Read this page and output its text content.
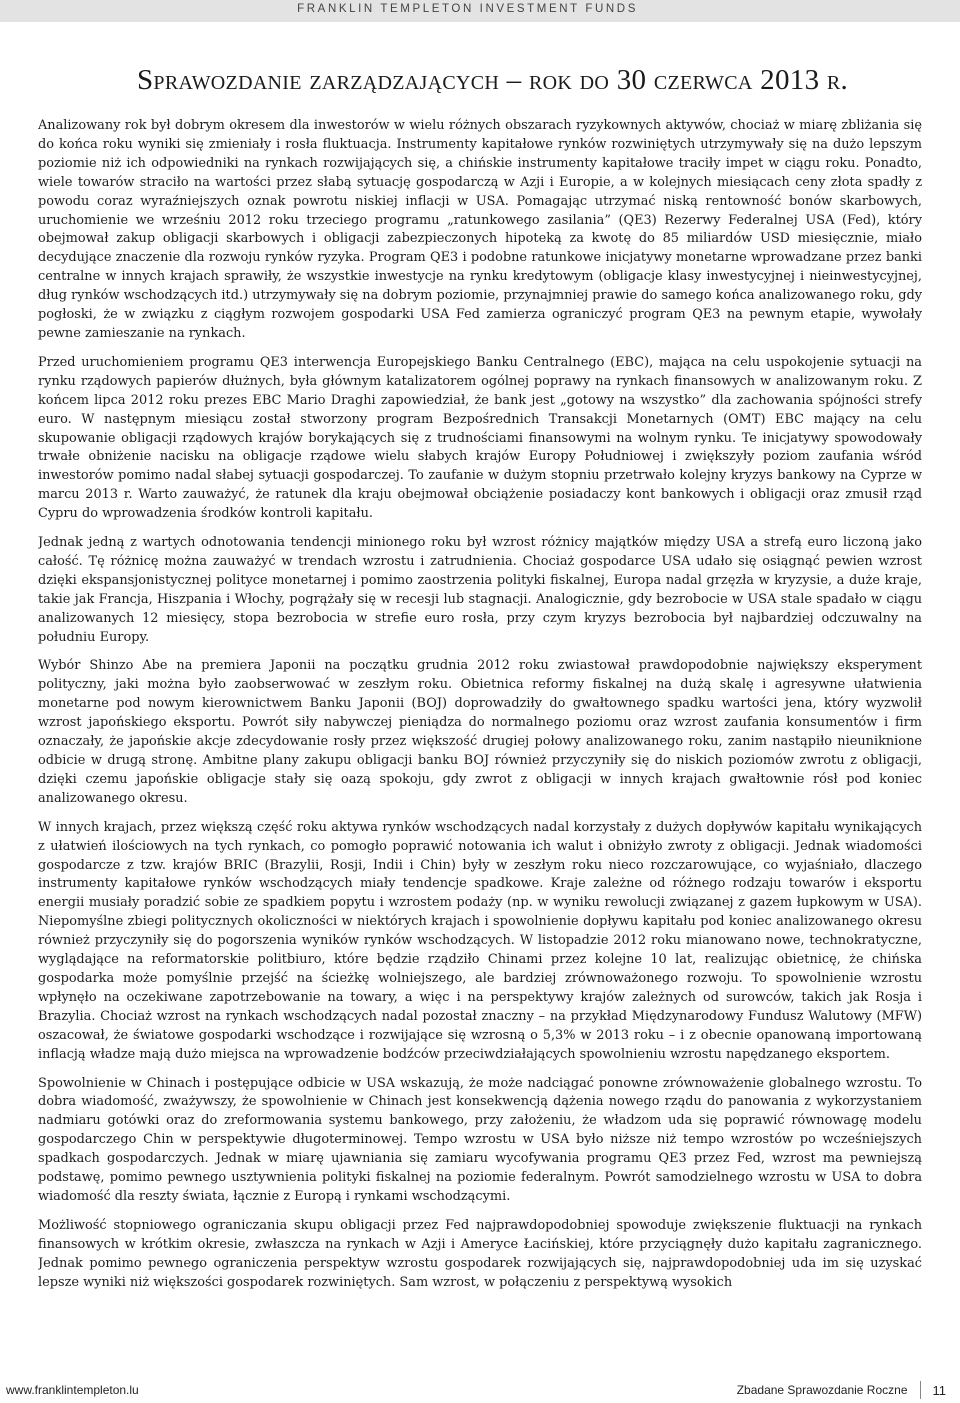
FRANKLIN TEMPLETON INVESTMENT FUNDS
Sprawozdanie zarządzających – rok do 30 czerwca 2013 r.

Analizowany rok był dobrym okresem dla inwestorów w wielu różnych obszarach ryzykownych aktywów, chociaż w miarę zbliżania się do końca roku wyniki się zmieniały i rosła fluktuacja. Instrumenty kapitałowe rynków rozwiniętych utrzymywały się na dużo lepszym poziomie niż ich odpowiedniki na rynkach rozwijających się, a chińskie instrumenty kapitałowe traciły impet w ciągu roku. Ponadto, wiele towarów straciło na wartości przez słabą sytuację gospodarczą w Azji i Europie, a w kolejnych miesiącach ceny złota spadły z powodu coraz wyraźniejszych oznak powrotu niskiej inflacji w USA. Pomagając utrzymać niską rentowność bonów skarbowych, uruchomienie we wrześniu 2012 roku trzeciego programu „ratunkowego zasilania” (QE3) Rezerwy Federalnej USA (Fed), który obejmował zakup obligacji skarbowych i obligacji zabezpieczonych hipoteką za kwotę do 85 miliardów USD miesięcznie, miało decydujące znaczenie dla rozwoju rynków ryzyka. Program QE3 i podobne ratunkowe inicjatywy monetarne wprowadzane przez banki centralne w innych krajach sprawiły, że wszystkie inwestycje na rynku kredytowym (obligacje klasy inwestycyjnej i nieinwestycyjnej, dług rynków wschodzących itd.) utrzymywały się na dobrym poziomie, przynajmniej prawie do samego końca analizowanego roku, gdy pogłoski, że w związku z ciągłym rozwojem gospodarki USA Fed zamierza ograniczyć program QE3 na pewnym etapie, wywołały pewne zamieszanie na rynkach.

Przed uruchomieniem programu QE3 interwencja Europejskiego Banku Centralnego (EBC), mająca na celu uspokojenie sytuacji na rynku rządowych papierów dłużnych, była głównym katalizatorem ogólnej poprawy na rynkach finansowych w analizowanym roku. Z końcem lipca 2012 roku prezes EBC Mario Draghi zapowiedział, że bank jest „gotowy na wszystko” dla zachowania spójności strefy euro. W następnym miesiącu został stworzony program Bezpośrednich Transakcji Monetarnych (OMT) EBC mający na celu skupowanie obligacji rządowych krajów borykających się z trudnościami finansowymi na wolnym rynku. Te inicjatywy spowodowały trwałe obniżenie nacisku na obligacje rządowe wielu słabych krajów Europy Południowej i zwiększyły poziom zaufania wśród inwestorów pomimo nadal słabej sytuacji gospodarczej. To zaufanie w dużym stopniu przetrwało kolejny kryzys bankowy na Cyprze w marcu 2013 r. Warto zauważyć, że ratunek dla kraju obejmował obciążenie posiadaczy kont bankowych i obligacji oraz zmusił rząd Cypru do wprowadzenia środków kontroli kapitału.

Jednak jedną z wartych odnotowania tendencji minionego roku był wzrost różnicy majątków między USA a strefą euro liczoną jako całość. Tę różnicę można zauważyć w trendach wzrostu i zatrudnienia. Chociaż gospodarce USA udało się osiągnąć pewien wzrost dzięki ekspansjonistycznej polityce monetarnej i pomimo zaostrzenia polityki fiskalnej, Europa nadal grzęzła w kryzysie, a duże kraje, takie jak Francja, Hiszpania i Włochy, pogrążały się w recesji lub stagnacji. Analogicznie, gdy bezrobocie w USA stale spadało w ciągu analizowanych 12 miesięcy, stopa bezrobocia w strefie euro rosła, przy czym kryzys bezrobocia był najbardziej odczuwalny na południu Europy.

Wybór Shinzo Abe na premiera Japonii na początku grudnia 2012 roku zwiastował prawdopodobnie największy eksperyment polityczny, jaki można było zaobserwować w zeszłym roku. Obietnica reformy fiskalnej na dużą skalę i agresywne ułatwienia monetarne pod nowym kierownictwem Banku Japonii (BOJ) doprowadziły do gwałtownego spadku wartości jena, który wyzwolił wzrost japońskiego eksportu. Powrót siły nabywczej pieniądza do normalnego poziomu oraz wzrost zaufania konsumentów i firm oznaczały, że japońskie akcje zdecydowanie rosły przez większość drugiej połowy analizowanego roku, zanim nastąpiło nieuniknione odbicie w drugą stronę. Ambitne plany zakupu obligacji banku BOJ również przyczyniły się do niskich poziomów zwrotu z obligacji, dzięki czemu japońskie obligacje stały się oazą spokoju, gdy zwrot z obligacji w innych krajach gwałtownie rósł pod koniec analizowanego okresu.

W innych krajach, przez większą część roku aktywa rynków wschodzących nadal korzystały z dużych dopływów kapitału wynikających z ułatwień ilościowych na tych rynkach, co pomogło poprawić notowania ich walut i obniżyło zwroty z obligacji. Jednak wiadomości gospodarcze z tzw. krajów BRIC (Brazylii, Rosji, Indii i Chin) były w zeszłym roku nieco rozczarowujące, co wyjaśniało, dlaczego instrumenty kapitałowe rynków wschodzących miały tendencje spadkowe. Kraje zależne od różnego rodzaju towarów i eksportu energii musiały poradzić sobie ze spadkiem popytu i wzrostem podaży (np. w wyniku rewolucji związanej z gazem łupkowym w USA). Niepomyślne zbiegi politycznych okoliczności w niektórych krajach i spowolnienie dopływu kapitału pod koniec analizowanego okresu również przyczyniły się do pogorszenia wyników rynków wschodzących. W listopadzie 2012 roku mianowano nowe, technokratyczne, wyglądające na reformatorskie politbiuro, które będzie rządziło Chinami przez kolejne 10 lat, realizując obietnicę, że chińska gospodarka może pomyślnie przejść na ścieżkę wolniejszego, ale bardziej zrównoważonego rozwoju. To spowolnienie wzrostu wpłynęło na oczekiwane zapotrzebowanie na towary, a więc i na perspektywy krajów zależnych od surowców, takich jak Rosja i Brazylia. Chociaż wzrost na rynkach wschodzących nadal pozostał znaczny – na przykład Międzynarodowy Fundusz Walutowy (MFW) oszacował, że światowe gospodarki wschodzące i rozwijające się wzrosną o 5,3% w 2013 roku – i z obecnie opanowaną importowaną inflacją władze mają dużo miejsca na wprowadzenie bodźców przeciwdziałających spowolnieniu wzrostu napędzanego eksportem.

Spowolnienie w Chinach i postępujące odbicie w USA wskazują, że może nadciągać ponowne zrównoważenie globalnego wzrostu. To dobra wiadomość, zważywszy, że spowolnienie w Chinach jest konsekwencją dążenia nowego rządu do panowania z wykorzystaniem nadmiaru gotówki oraz do zreformowania systemu bankowego, przy założeniu, że władzom uda się poprawić równowagę modelu gospodarczego Chin w perspektywie długoterminowej. Tempo wzrostu w USA było niższe niż tempo wzrostów po wcześniejszych spadkach gospodarczych. Jednak w miarę ujawniania się zamiaru wycofywania programu QE3 przez Fed, wzrost ma pewniejszą podstawę, pomimo pewnego usztywnienia polityki fiskalnej na poziomie federalnym. Powrót samodzielnego wzrostu w USA to dobra wiadomość dla reszty świata, łącznie z Europą i rynkami wschodzącymi.

Możliwość stopniowego ograniczania skupu obligacji przez Fed najprawdopodobniej spowoduje zwiększenie fluktuacji na rynkach finansowych w krótkim okresie, zwłaszcza na rynkach w Azji i Ameryce Łacińskiej, które przyciągnęły dużo kapitału zagranicznego. Jednak pomimo pewnego ograniczenia perspektyw wzrostu gospodarek rozwijających się, najprawdopodobniej uda im się uzyskać lepsze wyniki niż większości gospodarek rozwiniętych. Sam wzrost, w połączeniu z perspektywą wysokich

www.franklintempleton.lu	Zbadane Sprawozdanie Roczne	11
